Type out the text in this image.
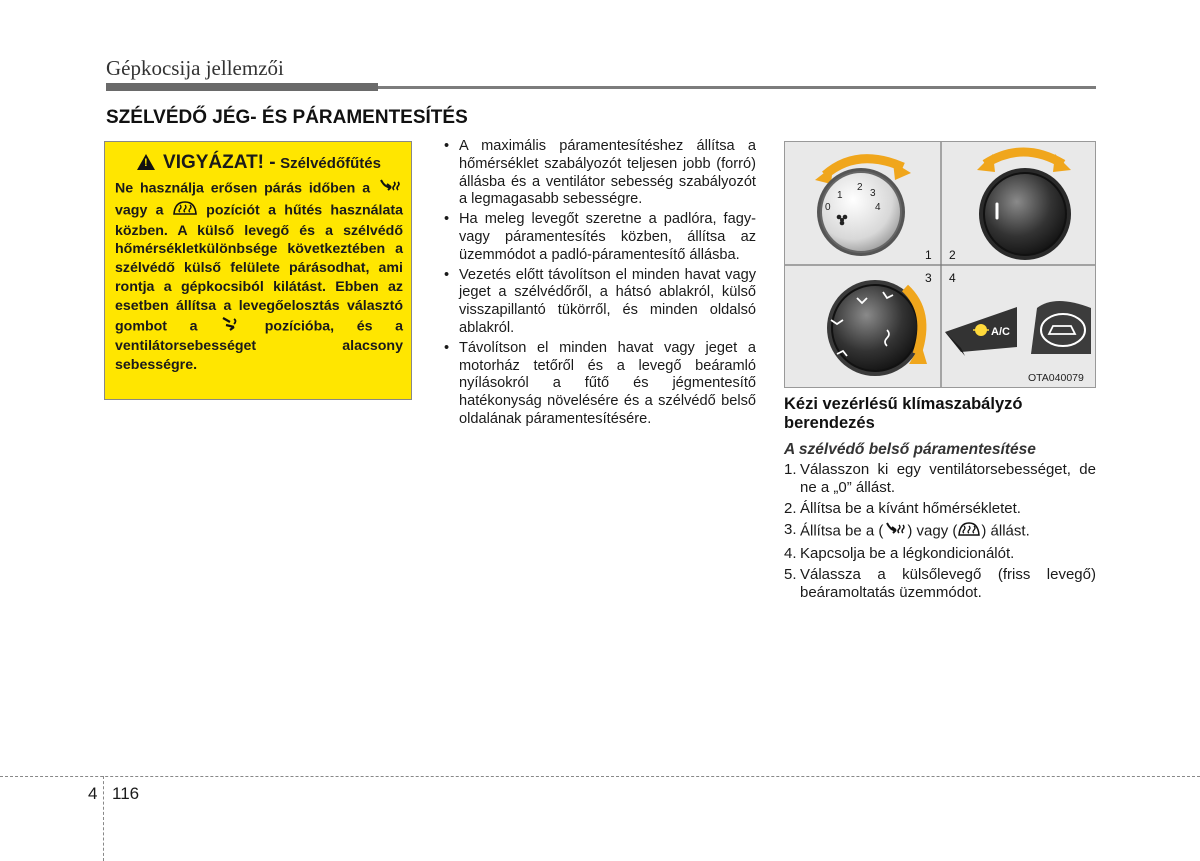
Gépkocsija jellemzői
SZÉLVÉDŐ JÉG- ÉS PÁRAMENTESÍTÉS
!VIGYÁZAT! - Szélvédőfűtés
Ne használja erősen párás időben a  vagy a	pozíciót a hűtés használata közben. A külső levegő és a szélvédő hőmérsékletkülönbsége következtében a szélvédő külső felülete párásodhat, ami rontja a gépkocsiból kilátást. Ebben az esetben állítsa a levegőelosztás választó gombot a	pozícióba, és a ventilátorsebességet alacsony sebességre.
• A maximális páramentesítéshez állítsa a hőmérséklet szabályozót teljesen jobb (forró) állásba és a ventilátor sebesség szabályozót a legmagasabb sebességre.
• Ha meleg levegőt szeretne a padlóra, fagy- vagy páramentesítés közben, állítsa az üzemmódot a padló-páramentesítő állásba.
• Vezetés előtt távolítson el minden havat vagy jeget a szélvédőről, a hátsó ablakról, külső visszapillantó tükörről, és minden oldalsó ablakról.
• Távolítson el minden havat vagy jeget a motorház tetőről és a levegő beáramló nyílásokról a fűtő és jégmentesítő hatékonyság növelésére és a szélvédő belső oldalának páramentesítésére.
1
2
3
4
0
A/C
1 2
3 4
OTA040079
Kézi vezérlésű klímaszabályzó berendezés
A szélvédő belső páramentesítése
1. Válasszon ki egy ventilátorsebességet, de ne a „0” állást.
2. Állítsa be a kívánt hőmérsékletet.
3. Állítsa be a ( ) vagy ( ) állást.
4. Kapcsolja be a légkondicionálót.
5. Válassza a külsőlevegő (friss levegő) beáramoltatás üzemmódot.
4 116
